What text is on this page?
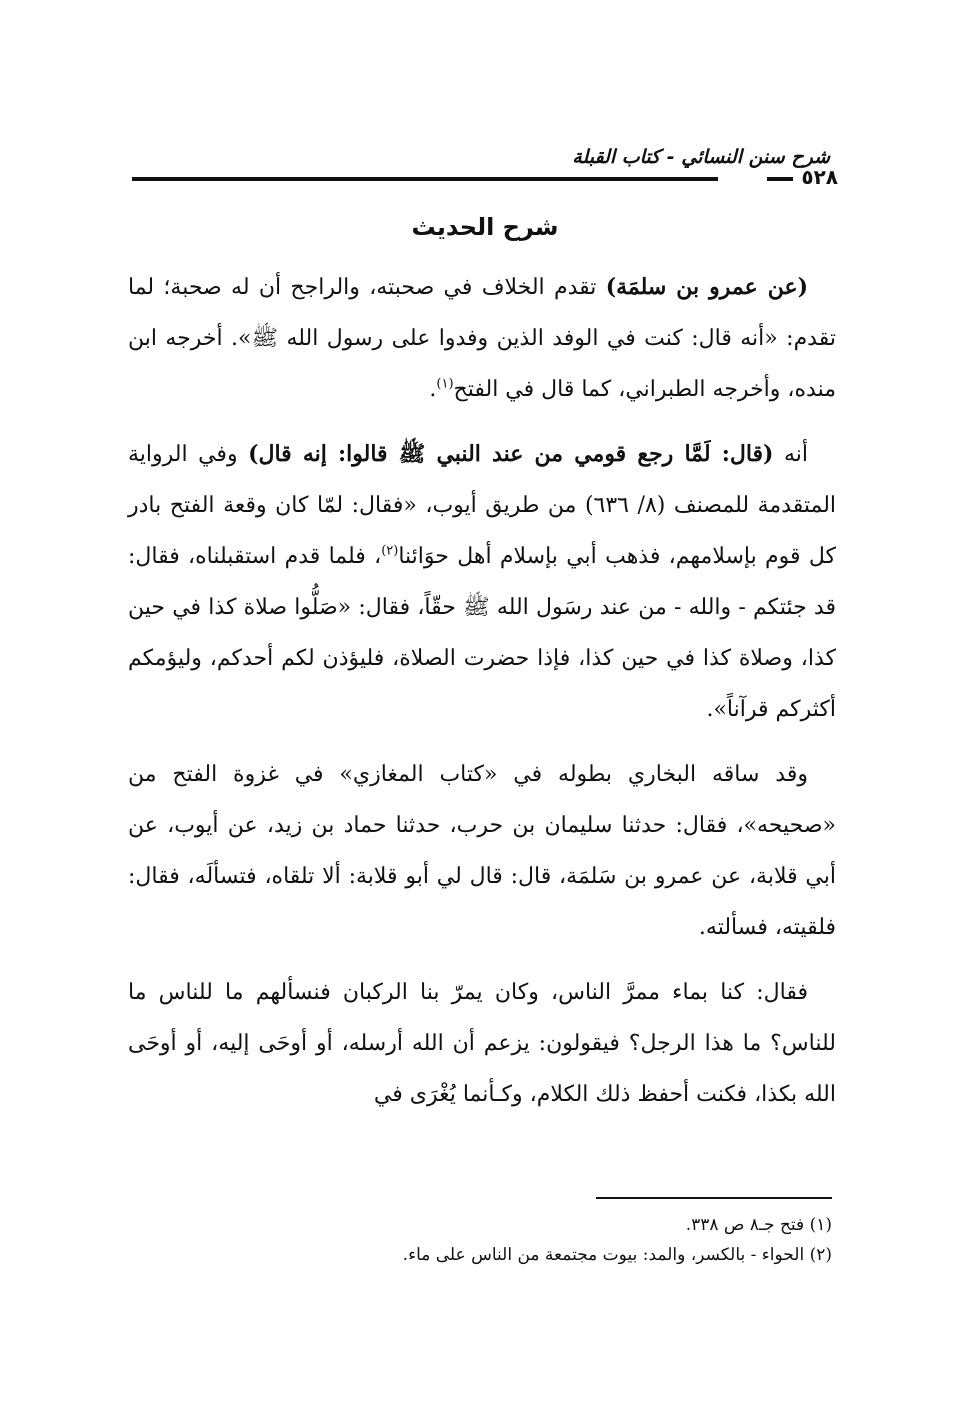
شرح سنن النسائي - كتاب القبلة
٥٢٨
شرح الحديث

(عن عمرو بن سلمَة) تقدم الخلاف في صحبته، والراجح أن له صحبة؛ لما تقدم: «أنه قال: كنت في الوفد الذين وفدوا على رسول الله ﷺ». أخرجه ابن منده، وأخرجه الطبراني، كما قال في الفتح$^{(١)}$.

أنه (قال: لَمَّا رجع قومي من عند النبي ﷺ قالوا: إنه قال) وفي الرواية المتقدمة للمصنف (٨/ ٦٣٦) من طريق أيوب، «فقال: لمّا كان وقعة الفتح بادر كل قوم بإسلامهم، فذهب أبي بإسلام أهل حوَائنا$^{(٢)}$، فلما قدم استقبلناه، فقال: قد جئتكم - والله - من عند رسَول الله ﷺ حقّاً، فقال: «صَلُّوا صلاة كذا في حين كذا، وصلاة كذا في حين كذا، فإذا حضرت الصلاة، فليؤذن لكم أحدكم، وليؤمكم أكثركم قرآناً».

وقد ساقه البخاري بطوله في «كتاب المغازي» في غزوة الفتح من «صحيحه»، فقال: حدثنا سليمان بن حرب، حدثنا حماد بن زيد، عن أيوب، عن أبي قلابة، عن عمرو بن سَلمَة، قال: قال لي أبو قلابة: ألا تلقاه، فتسألَه، فقال: فلقيته، فسألته.

فقال: كنا بماء ممرَّ الناس، وكان يمرّ بنا الركبان فنسألهم ما للناس ما للناس؟ ما هذا الرجل؟ فيقولون: يزعم أن الله أرسله، أو أوحَى إليه، أو أوحَى الله بكذا، فكنت أحفظ ذلك الكلام، وكـأنما يُغْرَى في

(١) فتح جـ٨ ص ٣٣٨.

(٢) الحواء - بالكسر، والمد: بيوت مجتمعة من الناس على ماء.
